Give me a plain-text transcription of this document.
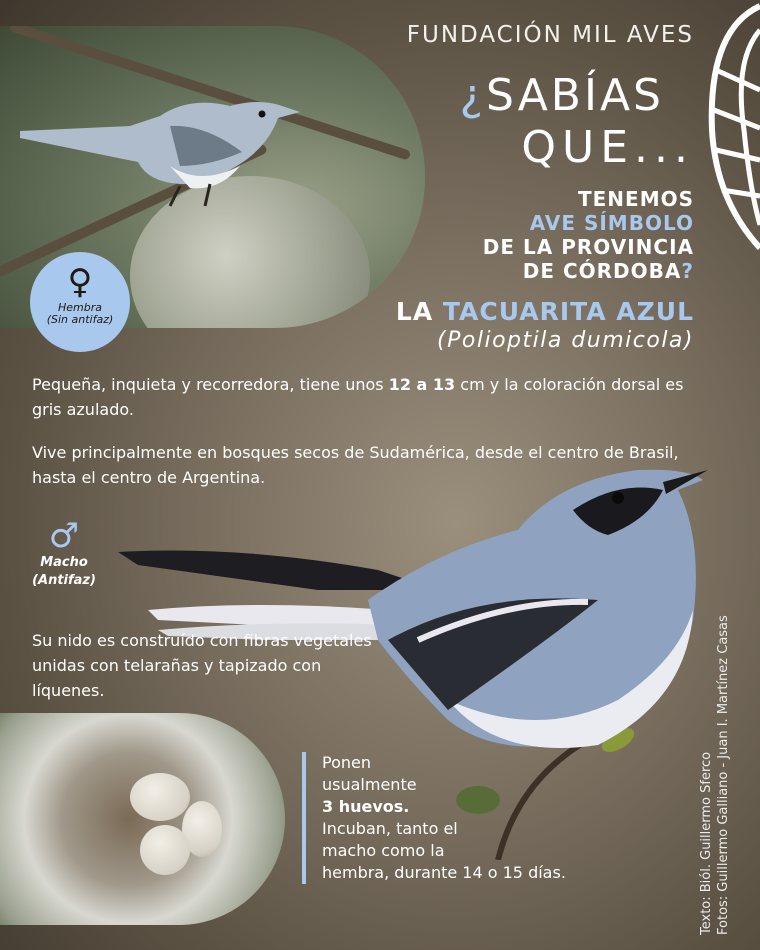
♀
Hembra
(Sin antifaz)
FUNDACIÓN MIL AVES
¿SABÍAS
QUE...
TENEMOS
AVE SÍMBOLO
DE LA PROVINCIA
DE CÓRDOBA?
LA TACUARITA AZUL
(Polioptila dumicola)
Pequeña, inquieta y recorredora, tiene unos 12 a 13 cm y la coloración dorsal es gris azulado.
Vive principalmente en bosques secos de Sudamérica, desde el centro de Brasil, hasta el centro de Argentina.
♂
Macho
(Antifaz)
Su nido es construído con fibras vegetales unidas con telarañas y tapizado con líquenes.
Ponen
usualmente
3 huevos.
Incuban, tanto el
macho como la
hembra, durante 14 o 15 días.	Texto: Biól. Guillermo Sferco Fotos: Guillermo Galliano - Juan I. Martínez Casas
